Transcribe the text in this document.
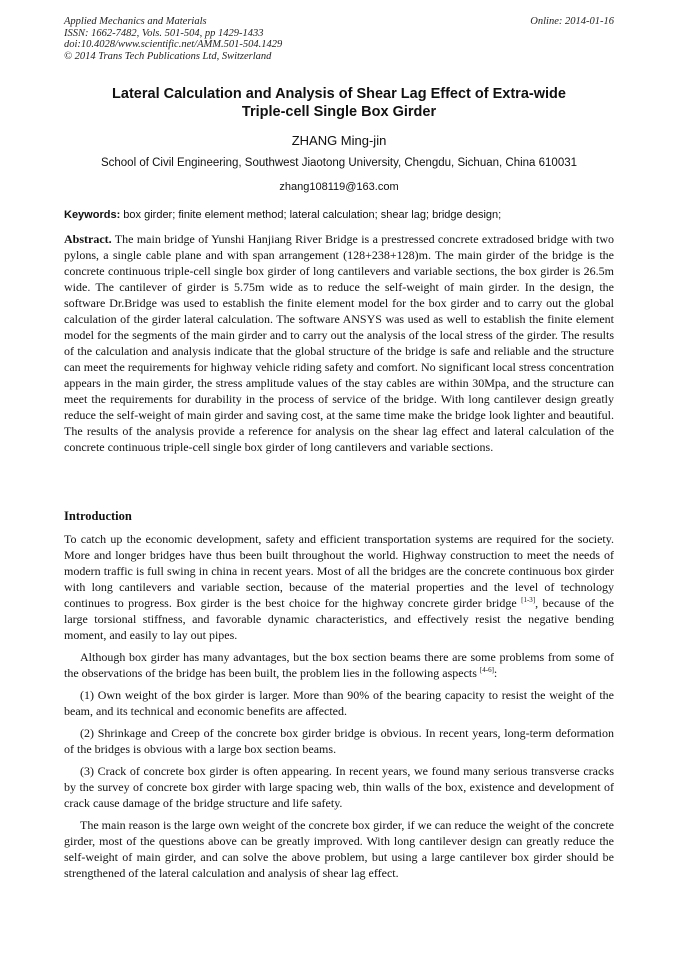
Applied Mechanics and Materials
ISSN: 1662-7482, Vols. 501-504, pp 1429-1433
doi:10.4028/www.scientific.net/AMM.501-504.1429
© 2014 Trans Tech Publications Ltd, Switzerland
Online: 2014-01-16
Lateral Calculation and Analysis of Shear Lag Effect of Extra-wide
Triple-cell Single Box Girder
ZHANG Ming-jin
School of Civil Engineering, Southwest Jiaotong University, Chengdu, Sichuan, China 610031
zhang108119@163.com
Keywords: box girder; finite element method; lateral calculation; shear lag; bridge design;
Abstract. The main bridge of Yunshi Hanjiang River Bridge is a prestressed concrete extradosed bridge with two pylons, a single cable plane and with span arrangement (128+238+128)m. The main girder of the bridge is the concrete continuous triple-cell single box girder of long cantilevers and variable sections, the box girder is 26.5m wide. The cantilever of girder is 5.75m wide as to reduce the self-weight of main girder. In the design, the software Dr.Bridge was used to establish the finite element model for the box girder and to carry out the global calculation of the girder lateral calculation. The software ANSYS was used as well to establish the finite element model for the segments of the main girder and to carry out the analysis of the local stress of the girder. The results of the calculation and analysis indicate that the global structure of the bridge is safe and reliable and the structure can meet the requirements for highway vehicle riding safety and comfort. No significant local stress concentration appears in the main girder, the stress amplitude values of the stay cables are within 30Mpa, and the structure can meet the requirements for durability in the process of service of the bridge. With long cantilever design greatly reduce the self-weight of main girder and saving cost, at the same time make the bridge look lighter and beautiful. The results of the analysis provide a reference for analysis on the shear lag effect and lateral calculation of the concrete continuous triple-cell single box girder of long cantilevers and variable sections.
Introduction

To catch up the economic development, safety and efficient transportation systems are required for the society. More and longer bridges have thus been built throughout the world. Highway construction to meet the needs of modern traffic is full swing in china in recent years. Most of all the bridges are the concrete continuous box girder with long cantilevers and variable section, because of the material properties and the level of technology continues to progress. Box girder is the best choice for the highway concrete girder bridge [1-3], because of the large torsional stiffness, and favorable dynamic characteristics, and effectively resist the negative bending moment, and easily to lay out pipes.

Although box girder has many advantages, but the box section beams there are some problems from some of the observations of the bridge has been built, the problem lies in the following aspects [4-6]:

(1) Own weight of the box girder is larger. More than 90% of the bearing capacity to resist the weight of the beam, and its technical and economic benefits are affected.

(2) Shrinkage and Creep of the concrete box girder bridge is obvious. In recent years, long-term deformation of the bridges is obvious with a large box section beams.

(3) Crack of concrete box girder is often appearing. In recent years, we found many serious transverse cracks by the survey of concrete box girder with large spacing web, thin walls of the box, existence and development of crack cause damage of the bridge structure and life safety.

The main reason is the large own weight of the concrete box girder, if we can reduce the weight of the concrete girder, most of the questions above can be greatly improved. With long cantilever design can greatly reduce the self-weight of main girder, and can solve the above problem, but using a large cantilever box girder should be strengthened of the lateral calculation and analysis of shear lag effect.
